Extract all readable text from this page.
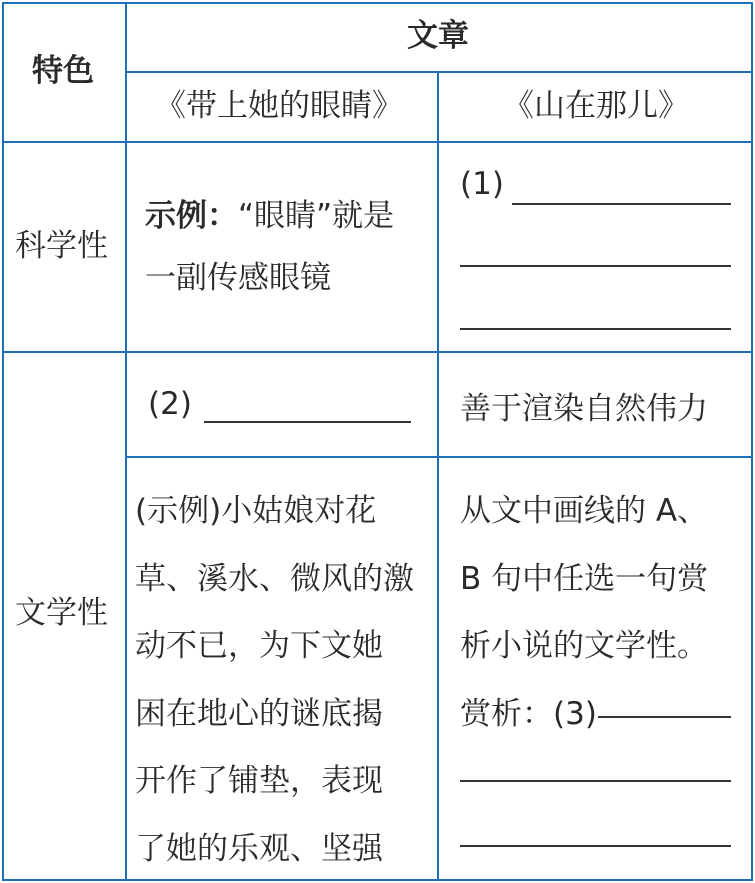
特色
文章
《带上她的眼睛》	《山在那儿》
科学性
示例：“眼睛”就是
一副传感眼镜
(1)
文学性
(2)	善于渲染自然伟力
(示例)小姑娘对花
草、溪水、微风的激
动不已，为下文她
困在地心的谜底揭
开作了铺垫，表现
了她的乐观、坚强
从文中画线的 A、
B 句中任选一句赏
析小说的文学性。
赏析：(3)
